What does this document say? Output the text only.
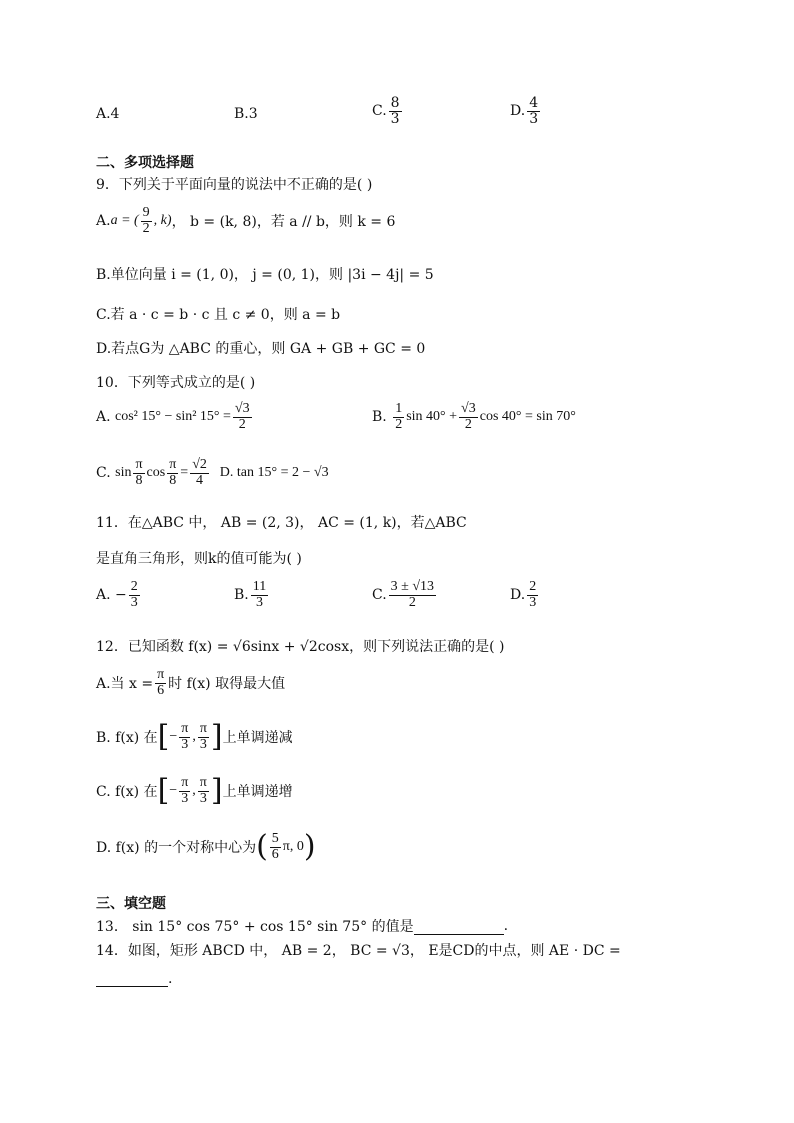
A.4	B.3	C. $\frac{8}{3}$	D. $\frac{4}{3}$
二、多项选择题
9．下列关于平面向量的说法中不正确的是( )
A. a = ( $\frac{9}{2}$ , k) ， b = (k, 8)，若 a // b，则 k = 6
B.单位向量 i = (1, 0)， j = (0, 1)，则 |3i − 4j| = 5
C.若 a · c = b · c 且 c ≠ 0，则 a = b
D.若点G为 △ABC 的重心，则 GA + GB + GC = 0
10．下列等式成立的是( )
A.
cos² 15° − sin² $15^\circ = \frac{√3}{2}$	B.
$\frac{1}{2}$ $\sin 40^\circ + \frac{√3}{2}$ cos 40° = sin 70°
C.
$\sin \frac{\pi}{8}$ $\cos \frac{\pi}{8} = \frac{√2}{4}$
D. tan 15° = 2 − √3
11．在△ABC 中， AB = (2, 3)， AC = (1, k)，若△ABC
是直角三角形，则k的值可能为( )
A. − $\frac{2}{3}$	B. $\frac{11}{3}$	C. $\frac{3 \pm √13}{2}$	D. $\frac{2}{3}$
12．已知函数 f(x) = √6sinx + √2cosx，则下列说法正确的是( )
A.当 $x = \frac{\pi}{6}$ 时 f(x) 取得最大值
B. f(x) 在 [ − $\frac{\pi}{3}$ , $\frac{\pi}{3}$ ] 上单调递减
C. f(x) 在 [ − $\frac{\pi}{3}$ , $\frac{\pi}{3}$ ] 上单调递增
D. f(x) 的一个对称中心为 ( $\frac{5}{6} \pi$, 0 )
三、填空题
13． sin 15° cos 75° + cos 15° sin 75° 的值是
	.
14．如图，矩形 ABCD 中， AB = 2， BC = √3， E是CD的中点，则 AE · DC =

.
